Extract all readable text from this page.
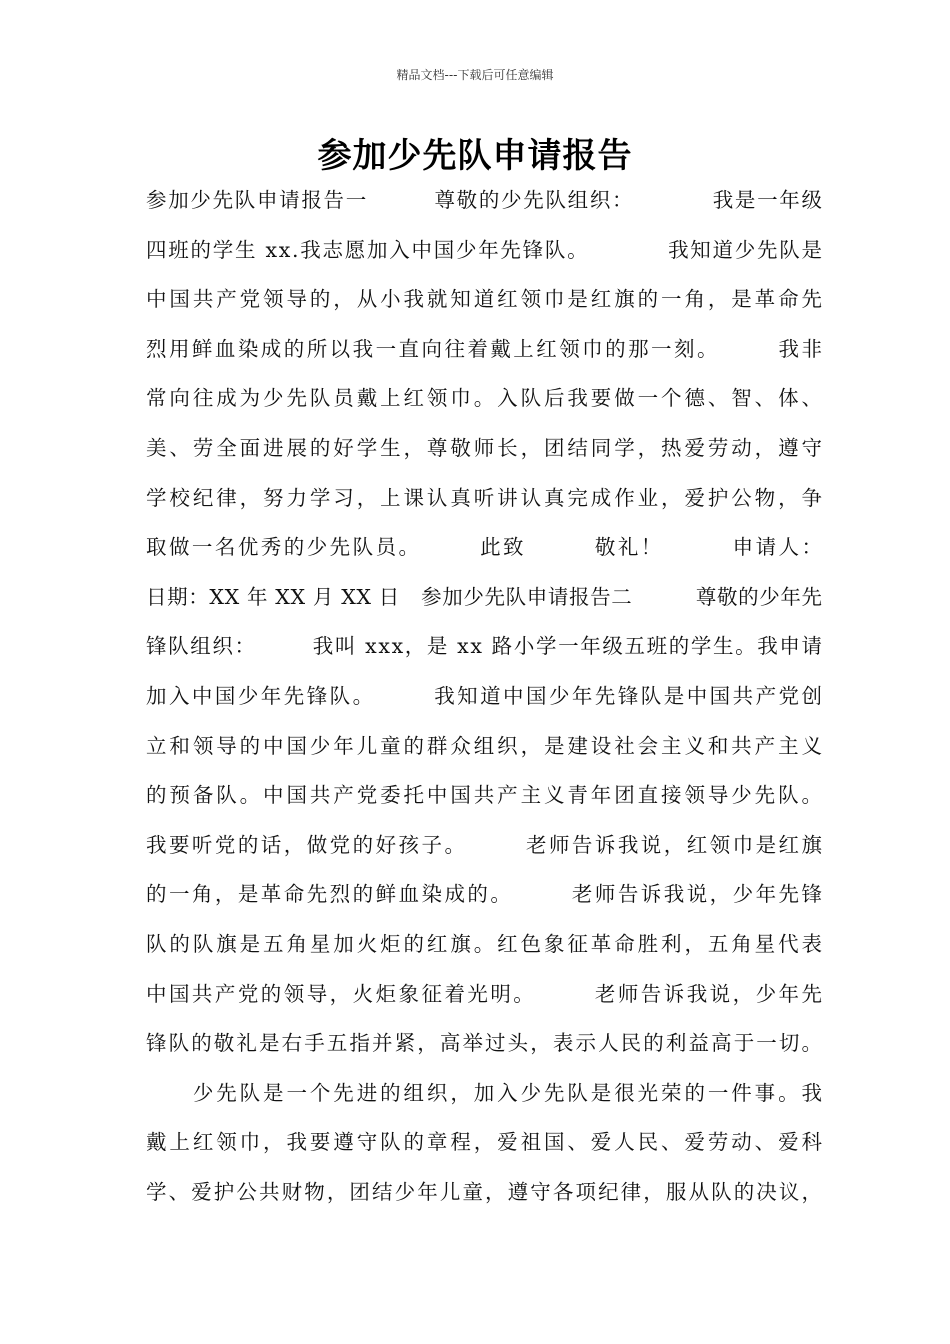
精品文档---下载后可任意编辑
参加少先队申请报告
参加少先队申请报告一　　　尊敬的少先队组织：　　　　我是一年级
四班的学生 xx.我志愿加入中国少年先锋队。　　　　我知道少先队是
中国共产党领导的，从小我就知道红领巾是红旗的一角，是革命先
烈用鲜血染成的所以我一直向往着戴上红领巾的那一刻。　　　我非
常向往成为少先队员戴上红领巾。入队后我要做一个德、智、体、
美、劳全面进展的好学生，尊敬师长，团结同学，热爱劳动，遵守
学校纪律，努力学习，上课认真听讲认真完成作业，爱护公物，争
取做一名优秀的少先队员。　　　此致　　　敬礼！　　　申请人：
日期：XX 年 XX 月 XX 日　参加少先队申请报告二　　　尊敬的少年先
锋队组织：　　　我叫 xxx，是 xx 路小学一年级五班的学生。我申请
加入中国少年先锋队。　　　我知道中国少年先锋队是中国共产党创
立和领导的中国少年儿童的群众组织，是建设社会主义和共产主义
的预备队。中国共产党委托中国共产主义青年团直接领导少先队。
我要听党的话，做党的好孩子。　　　老师告诉我说，红领巾是红旗
的一角，是革命先烈的鲜血染成的。　　　老师告诉我说，少年先锋
队的队旗是五角星加火炬的红旗。红色象征革命胜利，五角星代表
中国共产党的领导，火炬象征着光明。　　　老师告诉我说，少年先
锋队的敬礼是右手五指并紧，高举过头，表示人民的利益高于一切。
　　少先队是一个先进的组织，加入少先队是很光荣的一件事。我
戴上红领巾，我要遵守队的章程，爱祖国、爱人民、爱劳动、爱科
学、爱护公共财物，团结少年儿童，遵守各项纪律，服从队的决议，
